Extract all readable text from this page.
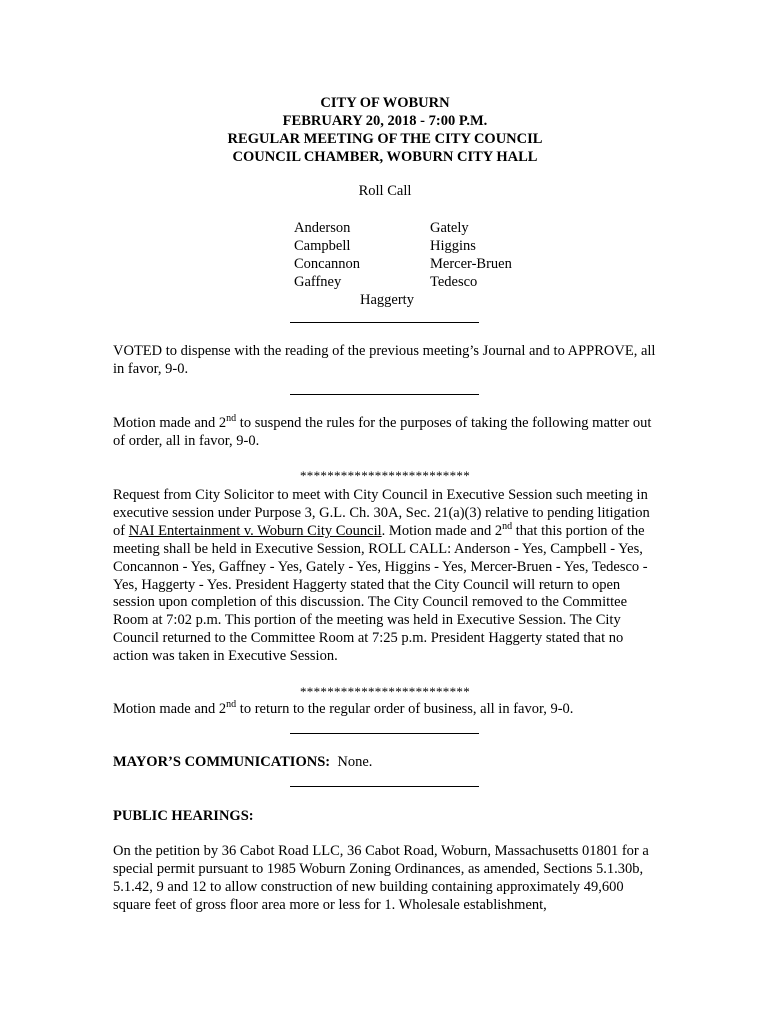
CITY OF WOBURN
FEBRUARY 20, 2018 - 7:00 P.M.
REGULAR MEETING OF THE CITY COUNCIL
COUNCIL CHAMBER, WOBURN CITY HALL
Roll Call
Anderson
Campbell
Concannon
Gaffney
Gately
Higgins
Mercer-Bruen
Tedesco
Haggerty
VOTED to dispense with the reading of the previous meeting’s Journal and to APPROVE, all in favor, 9-0.
Motion made and 2nd to suspend the rules for the purposes of taking the following matter out of order, all in favor, 9-0.
*************************
Request from City Solicitor to meet with City Council in Executive Session such meeting in executive session under Purpose 3, G.L. Ch. 30A, Sec. 21(a)(3) relative to pending litigation of NAI Entertainment v. Woburn City Council. Motion made and 2nd that this portion of the meeting shall be held in Executive Session, ROLL CALL: Anderson - Yes, Campbell - Yes, Concannon - Yes, Gaffney - Yes, Gately - Yes, Higgins - Yes, Mercer-Bruen - Yes, Tedesco - Yes, Haggerty - Yes. President Haggerty stated that the City Council will return to open session upon completion of this discussion. The City Council removed to the Committee Room at 7:02 p.m. This portion of the meeting was held in Executive Session. The City Council returned to the Committee Room at 7:25 p.m. President Haggerty stated that no action was taken in Executive Session.
*************************
Motion made and 2nd to return to the regular order of business, all in favor, 9-0.
MAYOR’S COMMUNICATIONS:  None.
PUBLIC HEARINGS:
On the petition by 36 Cabot Road LLC, 36 Cabot Road, Woburn, Massachusetts 01801 for a special permit pursuant to 1985 Woburn Zoning Ordinances, as amended, Sections 5.1.30b, 5.1.42, 9 and 12 to allow construction of new building containing approximately 49,600 square feet of gross floor area more or less for 1. Wholesale establishment,
